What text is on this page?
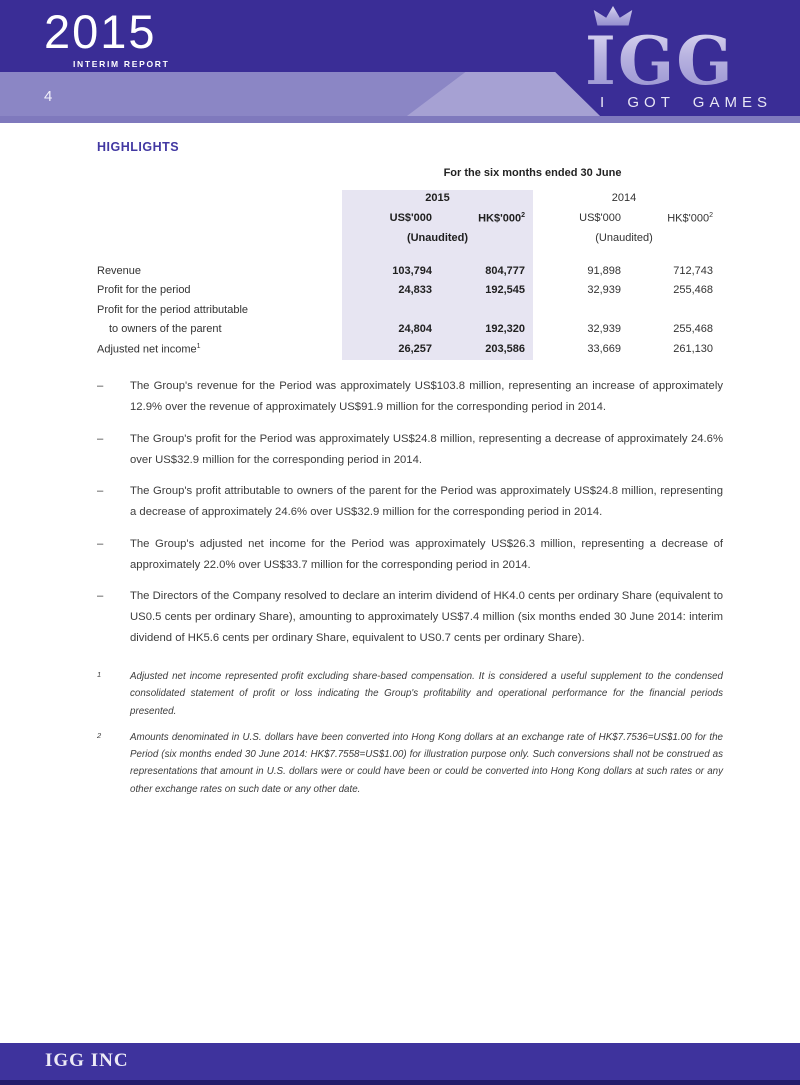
2015
INTERIM REPORT
4	IGG
I GOT GAMES
HIGHLIGHTS
For the six months ended 30 June
2015	2014
US$'000	$HK\$'000^2$	US$'000	$HK\$'000^2$
(Unaudited)	(Unaudited)
Revenue	103,794	804,777	91,898	712,743
Profit for the period	24,833	192,545	32,939	255,468
Profit for the period attributable
to owners of the parent	24,804	192,320	32,939	255,468
Adjusted net income$^1$	26,257	203,586	33,669	261,130
–	The Group's revenue for the Period was approximately US$103.8 million, representing an increase of approximately 12.9% over the revenue of approximately US$91.9 million for the corresponding period in 2014.
–	The Group's profit for the Period was approximately US$24.8 million, representing a decrease of approximately 24.6% over US$32.9 million for the corresponding period in 2014.
–	The Group's profit attributable to owners of the parent for the Period was approximately US$24.8 million, representing a decrease of approximately 24.6% over US$32.9 million for the corresponding period in 2014.
–	The Group's adjusted net income for the Period was approximately US$26.3 million, representing a decrease of approximately 22.0% over US$33.7 million for the corresponding period in 2014.
–	The Directors of the Company resolved to declare an interim dividend of HK4.0 cents per ordinary Share (equivalent to US0.5 cents per ordinary Share), amounting to approximately US$7.4 million (six months ended 30 June 2014: interim dividend of HK5.6 cents per ordinary Share, equivalent to US0.7 cents per ordinary Share).
1	Adjusted net income represented profit excluding share-based compensation. It is considered a useful supplement to the condensed consolidated statement of profit or loss indicating the Group's profitability and operational performance for the financial periods presented.
2	Amounts denominated in U.S. dollars have been converted into Hong Kong dollars at an exchange rate of HK$7.7536=US$1.00 for the Period (six months ended 30 June 2014: HK$7.7558=US$1.00) for illustration purpose only. Such conversions shall not be construed as representations that amount in U.S. dollars were or could have been or could be converted into Hong Kong dollars at such rates or any other exchange rates on such date or any other date.
IGG INC
